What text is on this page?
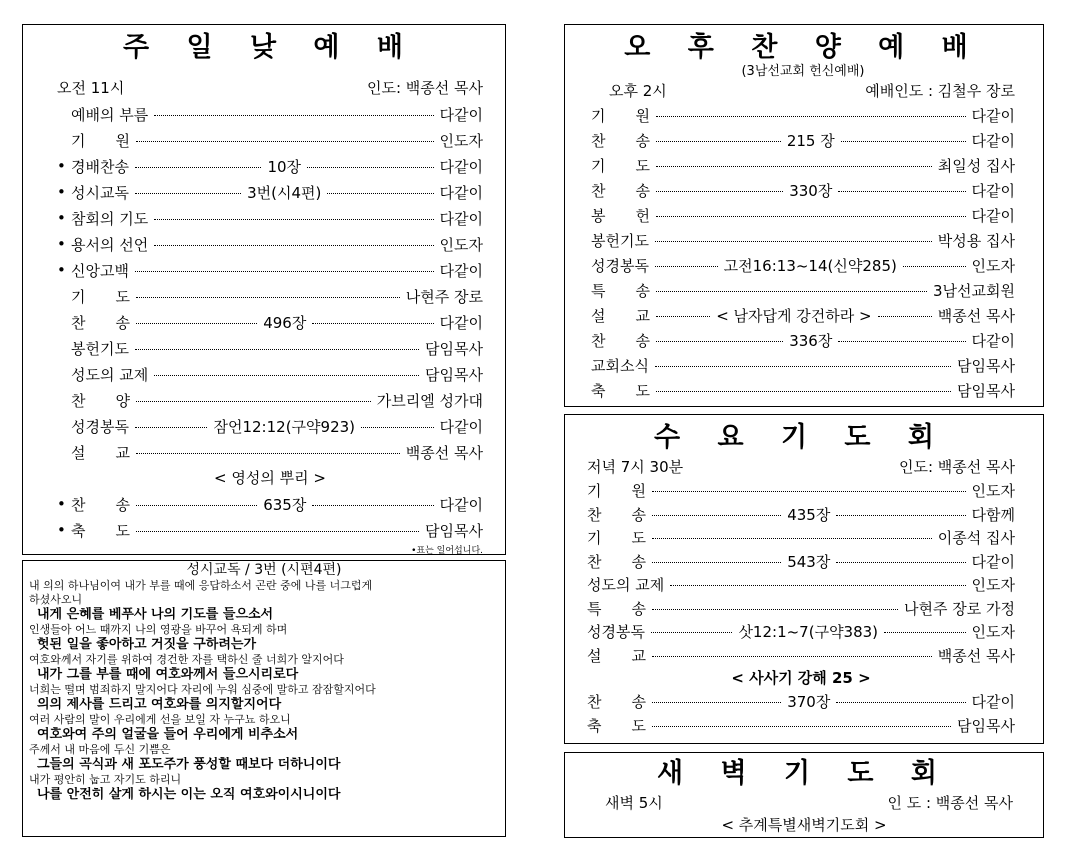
주 일 낮 예 배
오전 11시	인도: 백종선 목사
예배의 부름	다같이
기　　원	인도자
• 경배찬송	10장	다같이
• 성시교독	3번(시4편)	다같이
• 참회의 기도	다같이
• 용서의 선언	인도자
• 신앙고백	다같이
기　　도	나현주 장로
찬　　송	496장	다같이
봉헌기도	담임목사
성도의 교제	담임목사
찬　　양	가브리엘 성가대
성경봉독	잠언12:12(구약923)	다같이
설　　교	백종선 목사
< 영성의 뿌리 >
• 찬　　송	635장	다같이
• 축　　도	담임목사
•표는 일어섭니다.
성시교독 / 3번 (시편4편)
내 의의 하나님이여 내가 부를 때에 응답하소서 곤란 중에 나를 너그럽게
하셨사오니
내게 은혜를 베푸사 나의 기도를 들으소서
인생들아 어느 때까지 나의 영광을 바꾸어 욕되게 하며
헛된 일을 좋아하고 거짓을 구하려는가
여호와께서 자기를 위하여 경건한 자를 택하신 줄 너희가 알지어다
내가 그를 부를 때에 여호와께서 들으시리로다
너희는 떨며 범죄하지 말지어다 자리에 누워 심중에 말하고 잠잠할지어다
의의 제사를 드리고 여호와를 의지할지어다
여러 사람의 말이 우리에게 선을 보일 자 누구뇨 하오니
여호와여 주의 얼굴을 들어 우리에게 비추소서
주께서 내 마음에 두신 기쁨은
그들의 곡식과 새 포도주가 풍성할 때보다 더하니이다
내가 평안히 눕고 자기도 하리니
나를 안전히 살게 하시는 이는 오직 여호와이시니이다
오 후 찬 양 예 배
(3남선교회 헌신예배)
오후 2시	예배인도 : 김철우 장로
기　　원	다같이
찬　　송	215 장	다같이
기　　도	최일성 집사
찬　　송	330장	다같이
봉　　헌	다같이
봉헌기도	박성용 집사
성경봉독	고전16:13~14(신약285)	인도자
특　　송	3남선교회원
설　　교	< 남자답게 강건하라 >	백종선 목사
찬　　송	336장	다같이
교회소식	담임목사
축　　도	담임목사
수 요 기 도 회
저녁 7시 30분	인도: 백종선 목사
기　　원	인도자
찬　　송	435장	다함께
기　　도	이종석 집사
찬　　송	543장	다같이
성도의 교제	인도자
특　　송	나현주 장로 가정
성경봉독	삿12:1~7(구약383)	인도자
설　　교	백종선 목사
< 사사기 강해 25 >
찬　　송	370장	다같이
축　　도	담임목사
새 벽 기 도 회
새벽 5시	인 도 : 백종선 목사
< 추계특별새벽기도회 >
